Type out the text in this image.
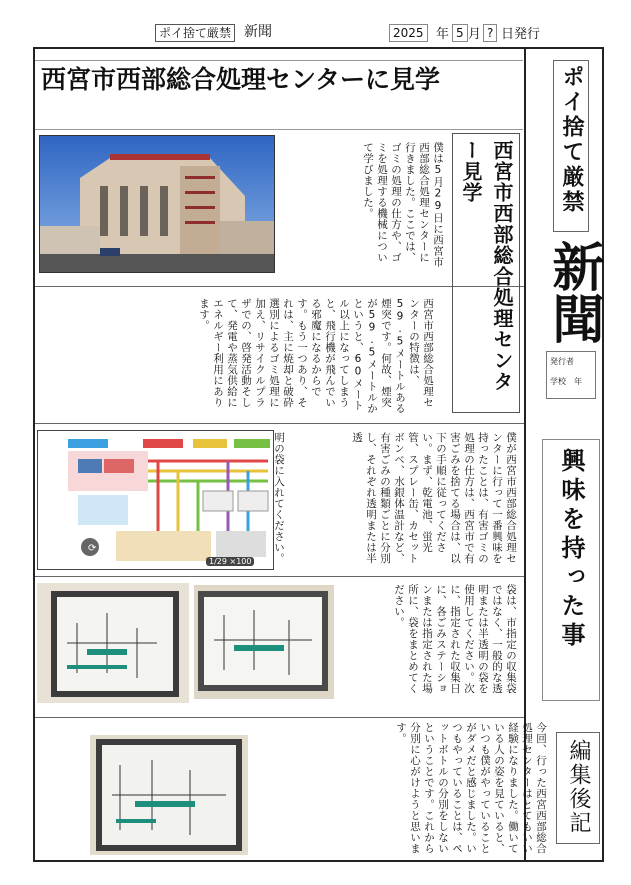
ポイ捨て厳禁 新聞	2025 年 5 月 ? 日発行
ポイ捨て厳禁
新聞
発行者
学校　年
興味を持った事
編集後記
西宮市西部総合処理センターに見学
僕は5月29日に西宮市西部総合処理センターに行きました。ここでは、ゴミの処理の仕方や、ゴミを処理する機械について学びました。	西宮市西部総合処理センター見学
西宮市西部総合処理センターの特徴は、59.5メートルある煙突です。何故、煙突が59.5メートルかというと、60メートル以上になってしまうと、飛行機が飛んでいる邪魔になるからです。もう一つあり、それは、主に焼却と破砕選別によるゴミ処理に加え、リサイクルプラザでの、啓発活動そして、発電や蒸気供給にエネルギー利用にあります。
⟳
1/29 ×100	明の袋に入れてください。	僕が西宮市西部総合処理センターに行って一番興味を持ったことは、有害ゴミの処理の仕方は、西宮市で有害ごみを捨てる場合は、以下の手順に従ってください。まず、乾電池、蛍光管、スプレー缶、カセットボンベ、水銀体温計など、有害ごみの種類ごとに分別し、それぞれ透明または半透
袋は、市指定の収集袋ではなく、一般的な透明または半透明の袋を使用してください。次に、指定された収集日に、各ごみステーションまたは指定された場所に、袋をまとめてください。
今回、行った西宮西部総合処理センターはとてもいい経験になりました。働いている人の姿を見ていると、いつも僕がやっていることがダメだと感じました。いつもやっていることは、ペットボトルの分別をしないということです。これから分別に心がけようと思います。
